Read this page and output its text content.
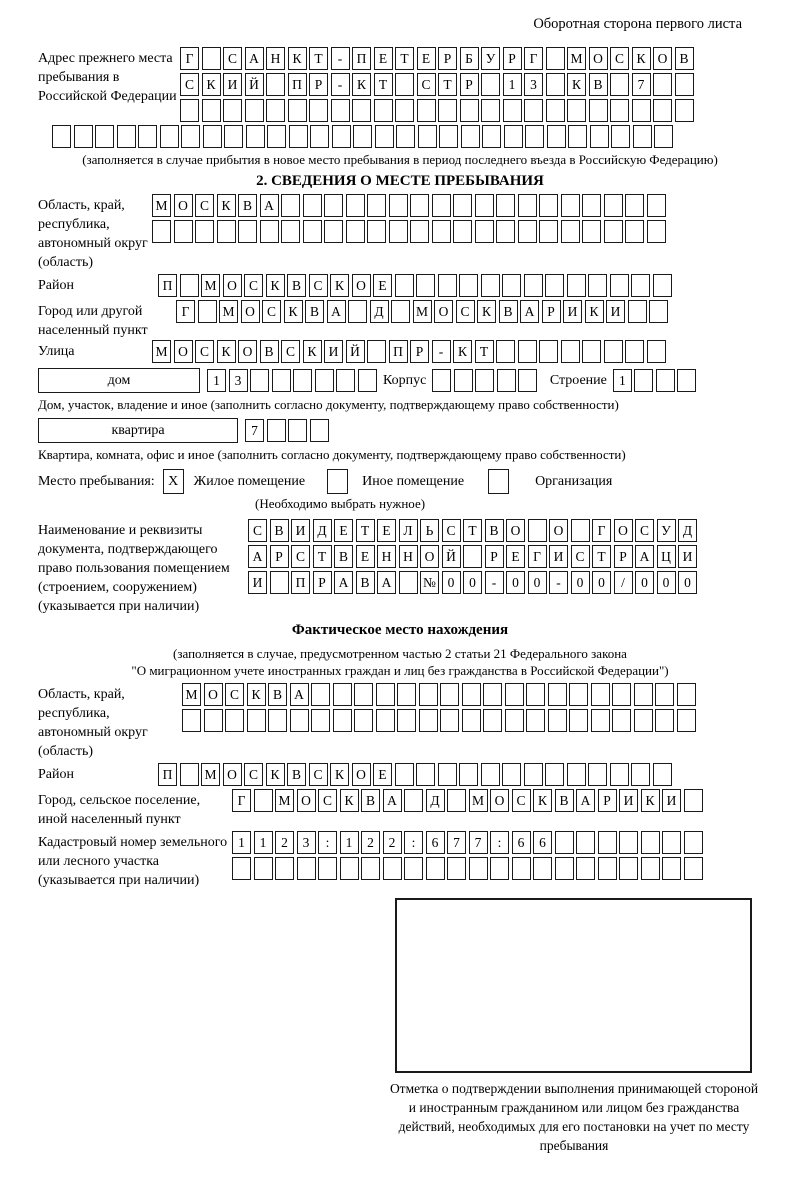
Оборотная сторона первого листа
Адрес прежнего места пребывания в Российской Федерации
Г	С А Н К Т	-	П Е Т Е	Р	Б У Р	Г	М О С К О В
С К И Й	П Р	-	К Т	С Т	Р	1	3	К В	7
(заполняется в случае прибытия в новое место пребывания в период последнего въезда в Российскую Федерацию)
2. СВЕДЕНИЯ О МЕСТЕ ПРЕБЫВАНИЯ
Область, край, республика, автономный округ (область)
М О С К В А
Район	П	М О С К В С К О Е
Город или другой населенный пункт
Г	М О С К В А	Д	М О С К В А Р И К И
Улица	М О С К О В С К И Й	П Р	-	К Т
дом	1	3	Корпус	Строение 1
Дом, участок, владение и иное (заполнить согласно документу, подтверждающему право собственности)
квартира	7
Квартира, комната, офис и иное (заполнить согласно документу, подтверждающему право собственности)
Место пребывания: X	Жилое помещение	Иное помещение	Организация
(Необходимо выбрать нужное)
Наименование и реквизиты документа, подтверждающего право пользования помещением (строением, сооружением) (указывается при наличии)
С В И Д Е Т Е Л Ь С Т В О	О	Г О С У Д
А Р С Т В Е Н Н О Й	Р	Е Г И С Т	Р А Ц И
И	П Р А В А	№ 0	0	-	0	0	-	0	0	/	0	0	0
Фактическое место нахождения
(заполняется в случае, предусмотренном частью 2 статьи 21 Федерального закона
"О миграционном учете иностранных граждан и лиц без гражданства в Российской Федерации")
Область, край, республика, автономный округ (область)
М О С К В А
Район	П	М О С К В С К О Е
Город, сельское поселение, иной населенный пункт
Г	М О С К В А	Д	М О С К В А Р И К И
Кадастровый номер земельного или лесного участка (указывается при наличии)
1	1	2	3	:	1	2	2	:	6	7	7	:	6	6
Отметка о подтверждении выполнения принимающей стороной и иностранным гражданином или лицом без гражданства действий, необходимых для его постановки на учет по месту пребывания
